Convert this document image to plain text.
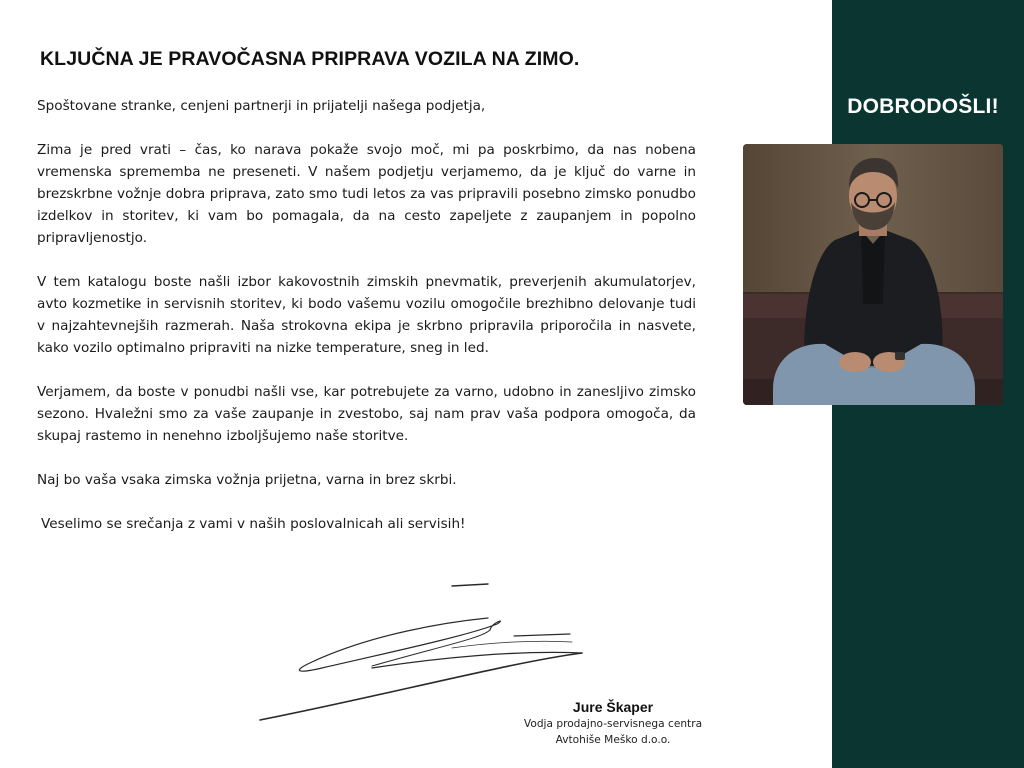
KLJUČNA JE PRAVOČASNA PRIPRAVA VOZILA NA ZIMO.

Spoštovane stranke, cenjeni partnerji in prijatelji našega podjetja,

Zima je pred vrati – čas, ko narava pokaže svojo moč, mi pa poskrbimo, da nas nobena vremenska sprememba ne preseneti. V našem podjetju verjamemo, da je ključ do varne in brezskrbne vožnje dobra priprava, zato smo tudi letos za vas pripravili posebno zimsko ponudbo izdelkov in storitev, ki vam bo pomagala, da na cesto zapeljete z zaupanjem in popolno pripravljenostjo.

V tem katalogu boste našli izbor kakovostnih zimskih pnevmatik, preverjenih akumulatorjev, avto kozmetike in servisnih storitev, ki bodo vašemu vozilu omogočile brezhibno delovanje tudi v najzahtevnejših razmerah. Naša strokovna ekipa je skrbno pripravila priporočila in nasvete, kako vozilo optimalno pripraviti na nizke temperature, sneg in led.

Verjamem, da boste v ponudbi našli vse, kar potrebujete za varno, udobno in zanesljivo zimsko sezono. Hvaležni smo za vaše zaupanje in zvestobo, saj nam prav vaša podpora omogoča, da skupaj rastemo in nenehno izboljšujemo naše storitve.

Naj bo vaša vsaka zimska vožnja prijetna, varna in brez skrbi.

Veselimo se srečanja z vami v naših poslovalnicah ali servisih!

Jure Škaper
Vodja prodajno-servisnega centra
Avtohiše Meško d.o.o.
DOBRODOŠLI!
